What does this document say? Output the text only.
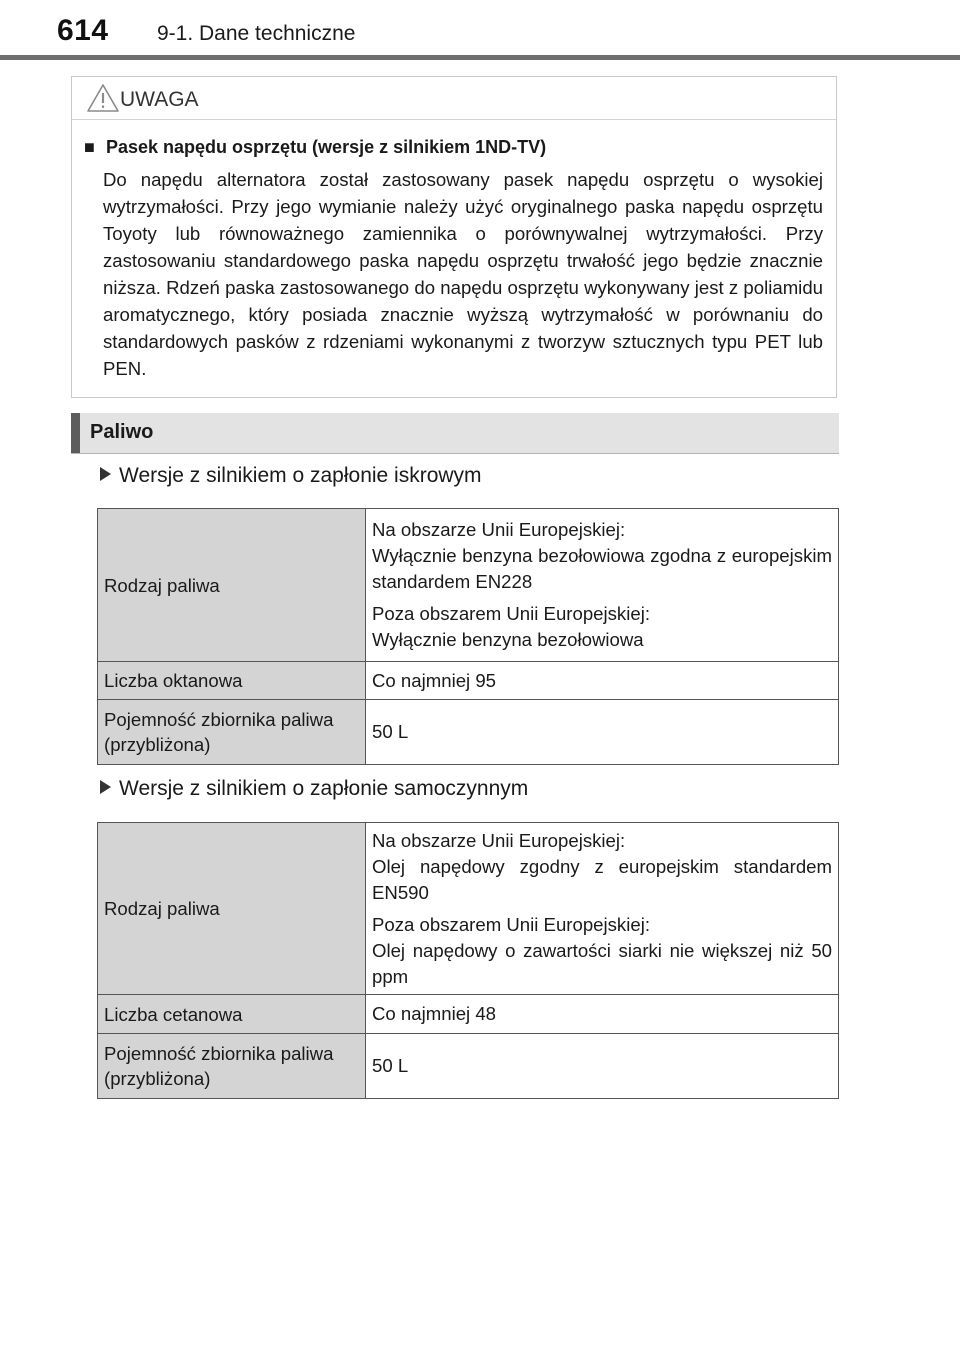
614 9-1. Dane techniczne
UWAGA
■ Pasek napędu osprzętu (wersje z silnikiem 1ND-TV)
Do napędu alternatora został zastosowany pasek napędu osprzętu o wysokiej wytrzymałości. Przy jego wymianie należy użyć oryginalnego paska napędu osprzętu Toyoty lub równoważnego zamiennika o porównywalnej wytrzymałości. Przy zastosowaniu standardowego paska napędu osprzętu trwałość jego będzie znacznie niższa. Rdzeń paska zastosowanego do napędu osprzętu wykonywany jest z poliamidu aromatycznego, który posiada znacznie wyższą wytrzymałość w porównaniu do standardowych pasków z rdzeniami wykonanymi z tworzyw sztucznych typu PET lub PEN.
Paliwo
Wersje z silnikiem o zapłonie iskrowym
Rodzaj paliwa	Na obszarze Unii Europejskiej:
Wyłącznie benzyna bezołowiowa zgodna z europejskim standardem EN228

Poza obszarem Unii Europejskiej:
Wyłącznie benzyna bezołowiowa

Liczba oktanowa	Co najmniej 95
Pojemność zbiornika paliwa (przybliżona)	50 L
Wersje z silnikiem o zapłonie samoczynnym
Rodzaj paliwa	Na obszarze Unii Europejskiej:
Olej napędowy zgodny z europejskim standardem EN590

Poza obszarem Unii Europejskiej:
Olej napędowy o zawartości siarki nie większej niż 50 ppm

Liczba cetanowa	Co najmniej 48
Pojemność zbiornika paliwa (przybliżona)	50 L
